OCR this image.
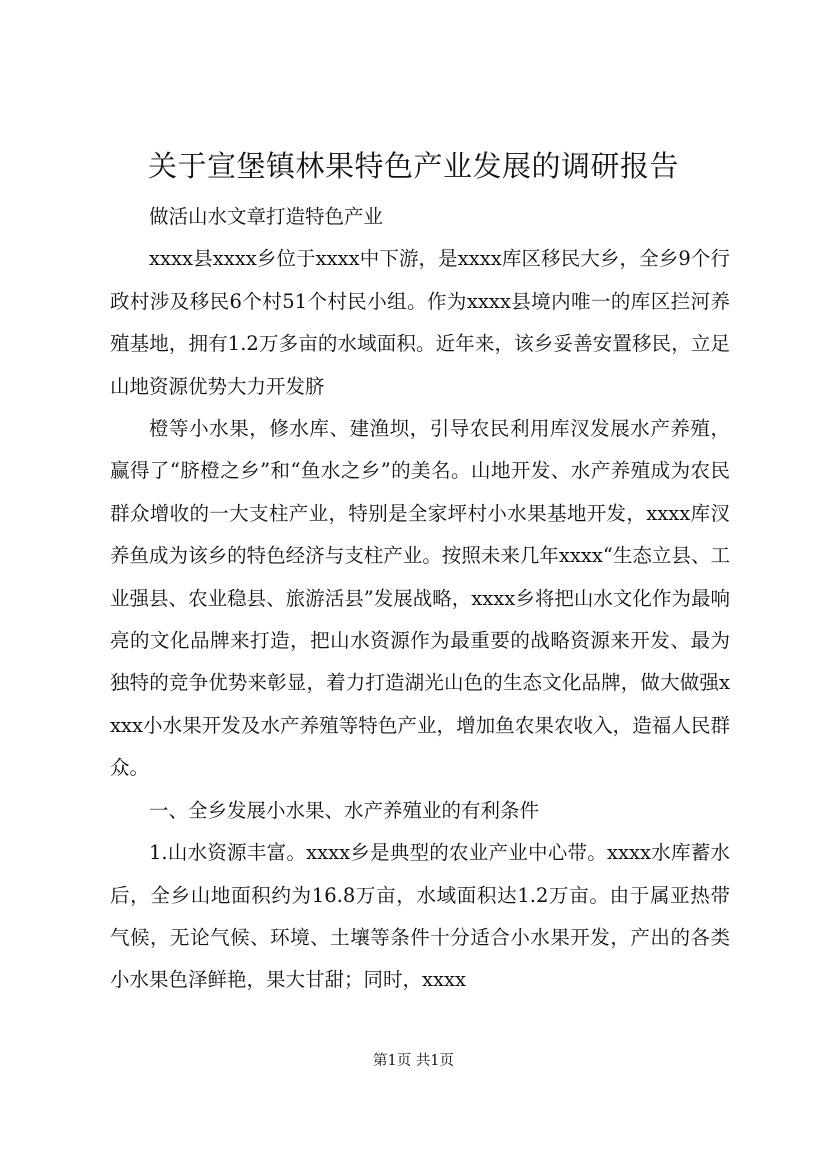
关于宣堡镇林果特色产业发展的调研报告

做活山水文章打造特色产业

xxxx县xxxx乡位于xxxx中下游，是xxxx库区移民大乡，全乡9个行政村涉及移民6个村51个村民小组。作为xxxx县境内唯一的库区拦河养殖基地，拥有1.2万多亩的水域面积。近年来，该乡妥善安置移民，立足山地资源优势大力开发脐

橙等小水果，修水库、建渔坝，引导农民利用库汊发展水产养殖，赢得了“脐橙之乡”和“鱼水之乡”的美名。山地开发、水产养殖成为农民群众增收的一大支柱产业，特别是全家坪村小水果基地开发，xxxx库汊养鱼成为该乡的特色经济与支柱产业。按照未来几年xxxx“生态立县、工业强县、农业稳县、旅游活县”发展战略，xxxx乡将把山水文化作为最响亮的文化品牌来打造，把山水资源作为最重要的战略资源来开发、最为独特的竞争优势来彰显，着力打造湖光山色的生态文化品牌，做大做强xxxx小水果开发及水产养殖等特色产业，增加鱼农果农收入，造福人民群众。

一、全乡发展小水果、水产养殖业的有利条件

1.山水资源丰富。xxxx乡是典型的农业产业中心带。xxxx水库蓄水后，全乡山地面积约为16.8万亩，水域面积达1.2万亩。由于属亚热带气候，无论气候、环境、土壤等条件十分适合小水果开发，产出的各类小水果色泽鲜艳，果大甘甜；同时，xxxx

第1页 共1页
